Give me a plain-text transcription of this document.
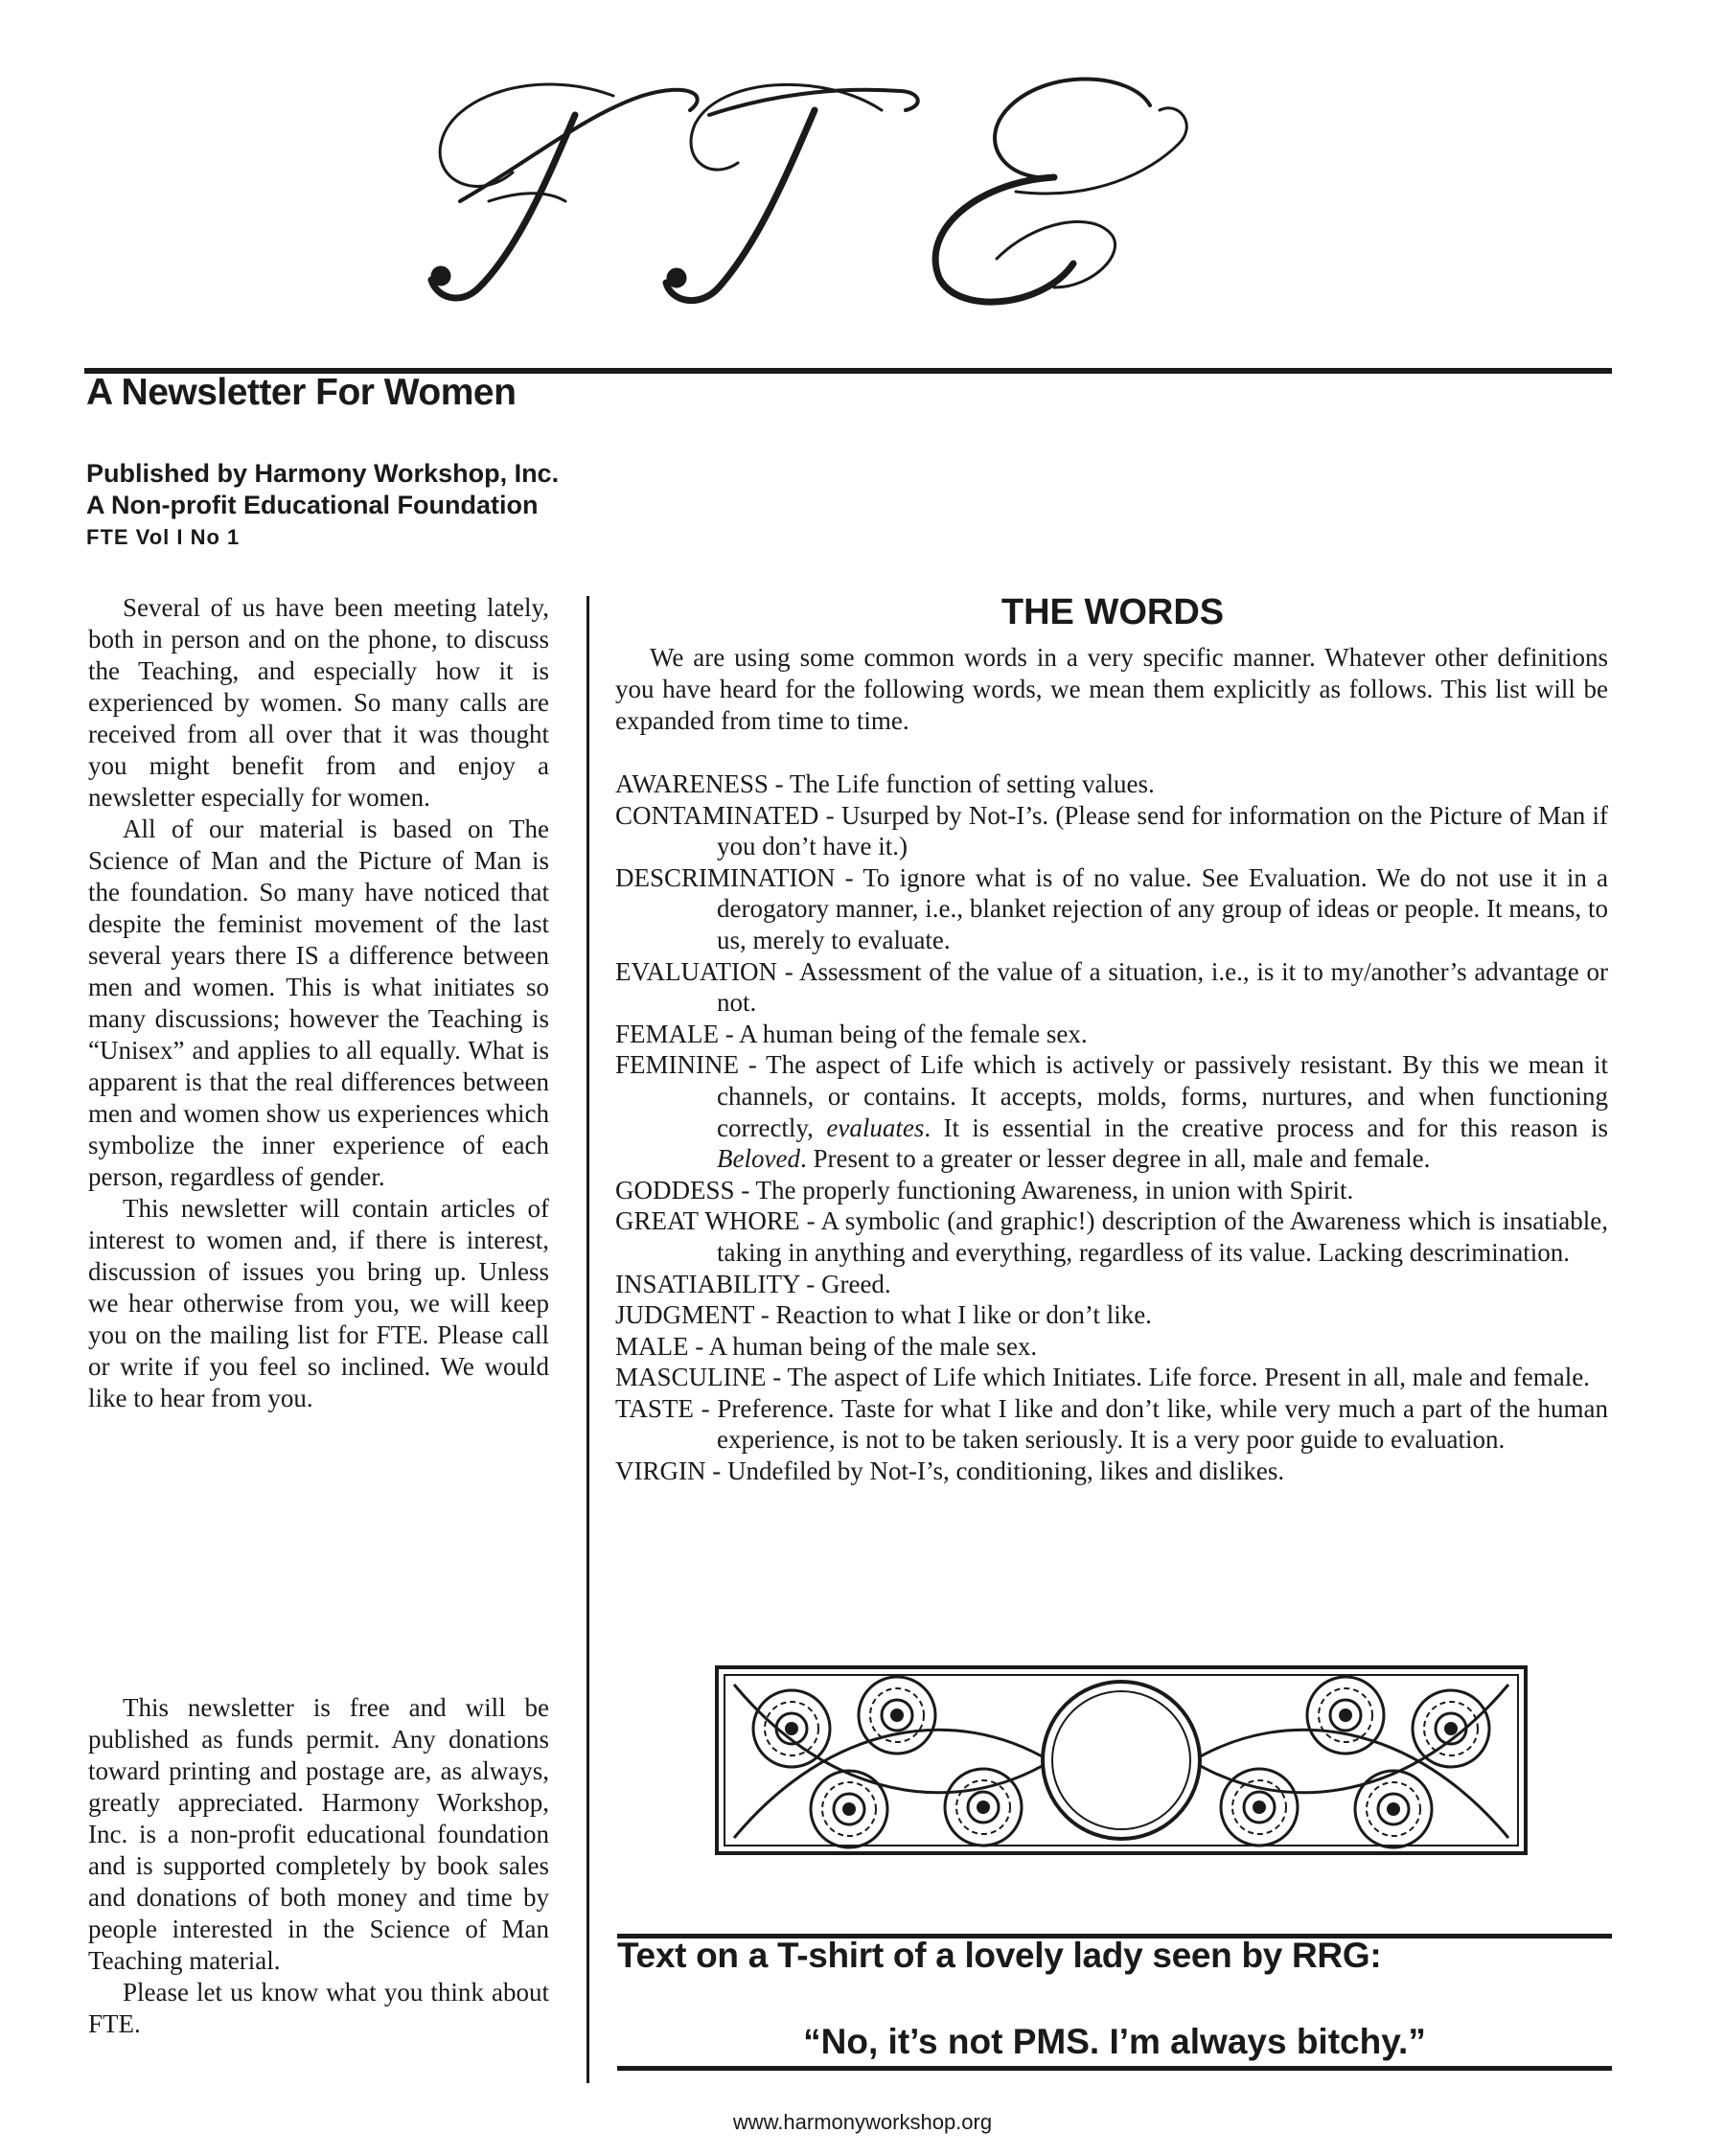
A Newsletter For Women
Published by Harmony Workshop, Inc.
A Non-profit Educational Foundation
FTE Vol I No 1

Several of us have been meeting lately, both in person and on the phone, to discuss the Teaching, and especially how it is experienced by women. So many calls are received from all over that it was thought you might benefit from and enjoy a newsletter especially for women.

All of our material is based on The Science of Man and the Picture of Man is the foundation. So many have noticed that despite the feminist movement of the last several years there IS a difference between men and women. This is what initiates so many discussions; however the Teaching is “Unisex” and applies to all equally. What is apparent is that the real differences between men and women show us experiences which symbolize the inner experience of each person, regardless of gender.

This newsletter will contain articles of interest to women and, if there is interest, discussion of issues you bring up. Unless we hear otherwise from you, we will keep you on the mailing list for FTE. Please call or write if you feel so inclined. We would like to hear from you.

This newsletter is free and will be published as funds permit. Any donations toward printing and postage are, as always, greatly appreciated. Harmony Workshop, Inc. is a non-profit educational foundation and is supported completely by book sales and donations of both money and time by people interested in the Science of Man Teaching material.

Please let us know what you think about FTE.

THE WORDS

We are using some common words in a very specific manner. Whatever other definitions you have heard for the following words, we mean them explicitly as follows. This list will be expanded from time to time.

AWARENESS - The Life function of setting values.
CONTAMINATED - Usurped by Not-I’s. (Please send for information on the Picture of Man if you don’t have it.)
DESCRIMINATION - To ignore what is of no value. See Evaluation. We do not use it in a derogatory manner, i.e., blanket rejection of any group of ideas or people. It means, to us, merely to evaluate.
EVALUATION - Assessment of the value of a situation, i.e., is it to my/another’s advantage or not.
FEMALE - A human being of the female sex.
FEMININE - The aspect of Life which is actively or passively resistant. By this we mean it channels, or contains. It accepts, molds, forms, nurtures, and when functioning correctly, evaluates. It is essential in the creative process and for this reason is Beloved. Present to a greater or lesser degree in all, male and female.
GODDESS - The properly functioning Awareness, in union with Spirit.
GREAT WHORE - A symbolic (and graphic!) description of the Awareness which is insatiable, taking in anything and everything, regardless of its value. Lacking descrimination.
INSATIABILITY - Greed.
JUDGMENT - Reaction to what I like or don’t like.
MALE - A human being of the male sex.
MASCULINE - The aspect of Life which Initiates. Life force. Present in all, male and female.
TASTE - Preference. Taste for what I like and don’t like, while very much a part of the human experience, is not to be taken seriously. It is a very poor guide to evaluation.
VIRGIN - Undefiled by Not-I’s, conditioning, likes and dislikes.
Text on a T-shirt of a lovely lady seen by RRG:
“No, it’s not PMS. I’m always bitchy.”
www.harmonyworkshop.org
